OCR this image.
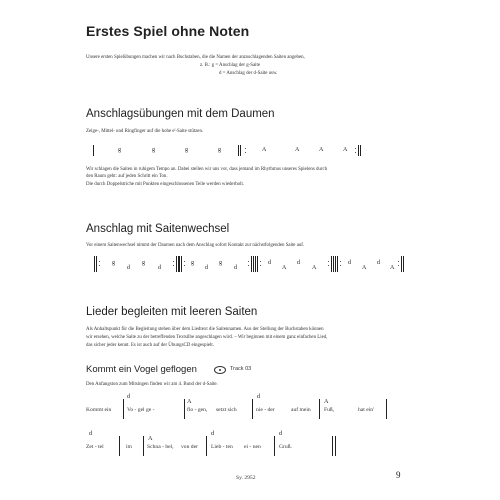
Erstes Spiel ohne Noten
Unsere ersten Spielübungen machen wir nach Buchstaben, die die Namen der anzuschlagenden Saiten angeben,
z. B.: g = Anschlag der g-Saite
d = Anschlag der d-Saite usw.
Anschlagsübungen mit dem Daumen
Zeige-, Mittel- und Ringfinger auf die hohe e'-Saite stützen.
g	g	g	g	A	A	A	A
Wir schlagen die Saiten in ruhigem Tempo an. Dabei stellen wir uns vor, dass jemand im Rhythmus unseres Spielens durch
den Raum geht: auf jeden Schritt ein Ton.
Die durch Doppelstriche mit Punkten eingeschlossenen Teile werden wiederholt.
Anschlag mit Saitenwechsel
Vor einem Saitenwechsel nimmt der Daumen nach dem Anschlag sofort Kontakt zur nächstfolgenden Saite auf.
g
d
g
d
g
d
g
d
d
A
d
A
d
A
d
A
Lieder begleiten mit leeren Saiten
Als Anhaltspunkt für die Begleitung stehen über dem Liedtext die Saitennamen. Aus der Stellung der Buchstaben können
wir ersehen, welche Saite zu der betreffenden Textsilbe angeschlagen wird. – Wir beginnen mit einem ganz einfachen Lied,
das sicher jeder kennt. Es ist auch auf der ÜbungsCD eingespielt.
Kommt ein Vogel geflogen	Track 03
Den Anfangston zum Mitsingen finden wir am 4. Bund der d-Saite.
d
A
d
A
Kommt ein	Vo - gel ge -	flo - gen, setzt sich	nie - der	auf mein Fuß,	hat ein'
d
A
d	d
Zet - tel	im	Schna - bel, von der Lieb - ten ei - nen	Gruß.
Sy. 2952	9
